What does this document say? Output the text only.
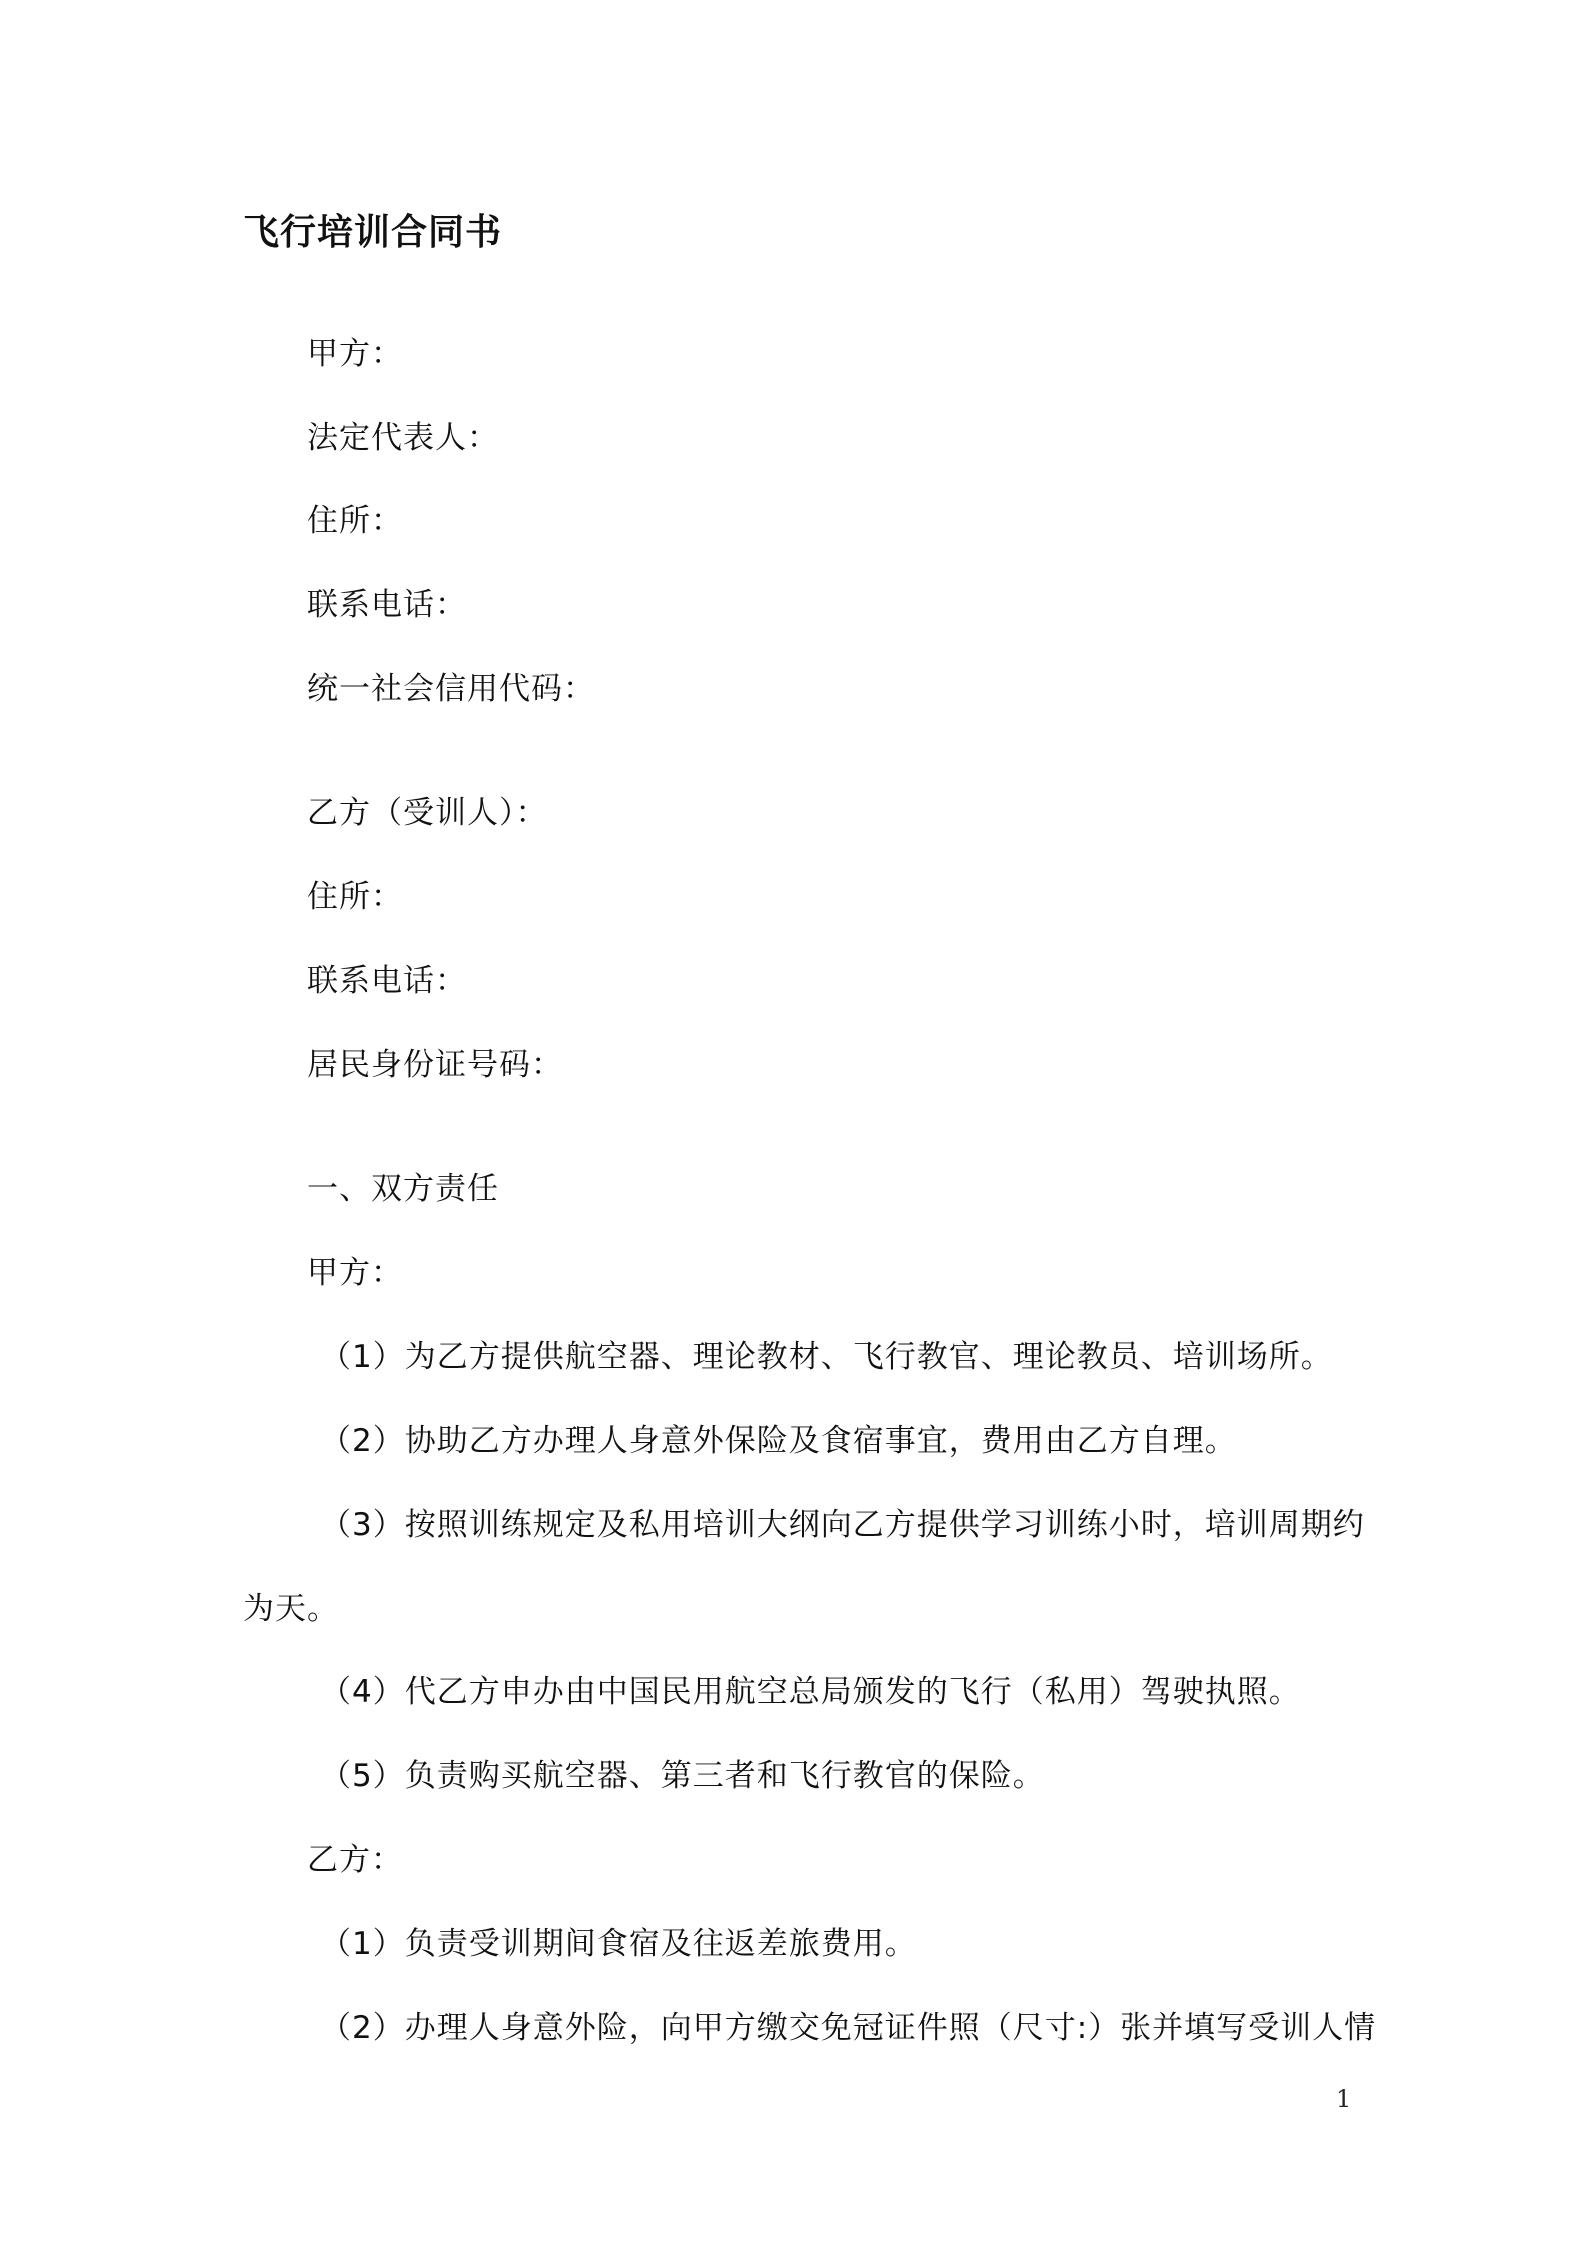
飞行培训合同书
甲方：
法定代表人：
住所：
联系电话：
统一社会信用代码：
乙方（受训人）：
住所：
联系电话：
居民身份证号码：
一、双方责任
甲方：
（1）为乙方提供航空器、理论教材、飞行教官、理论教员、培训场所。
（2）协助乙方办理人身意外保险及食宿事宜，费用由乙方自理。
（3）按照训练规定及私用培训大纲向乙方提供学习训练小时，培训周期约
为天。
（4）代乙方申办由中国民用航空总局颁发的飞行（私用）驾驶执照。
（5）负责购买航空器、第三者和飞行教官的保险。
乙方：
（1）负责受训期间食宿及往返差旅费用。
（2）办理人身意外险，向甲方缴交免冠证件照（尺寸:）张并填写受训人情
1
